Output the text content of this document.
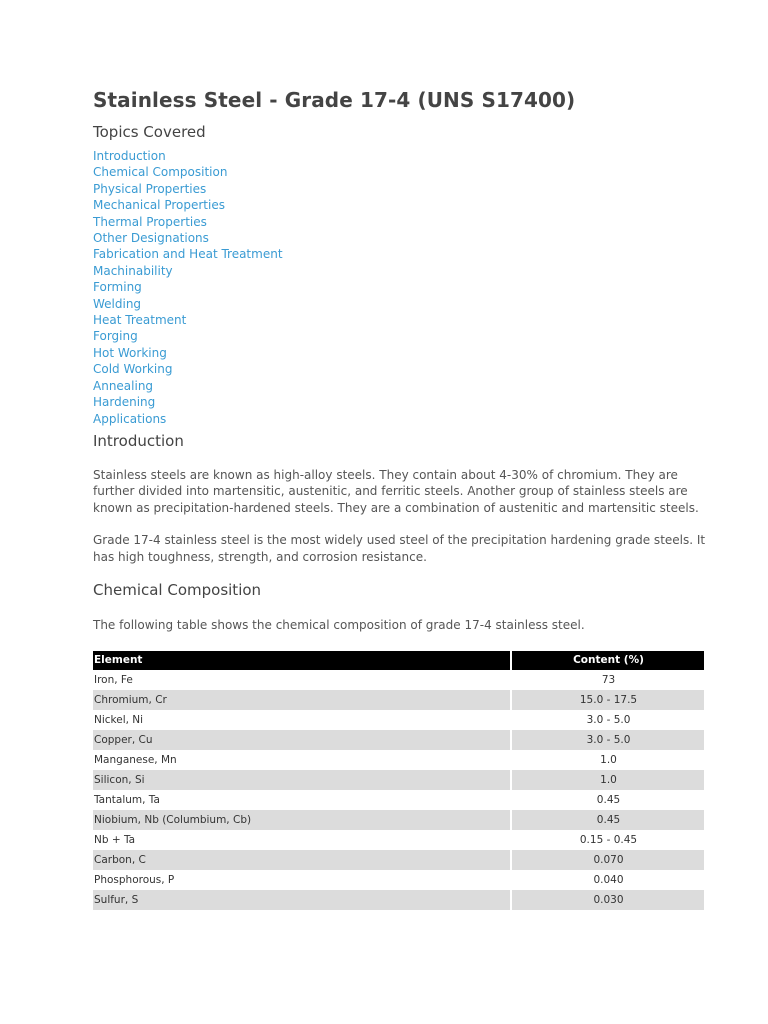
Stainless Steel - Grade 17-4 (UNS S17400)
Topics Covered
Introduction
Chemical Composition
Physical Properties
Mechanical Properties
Thermal Properties
Other Designations
Fabrication and Heat Treatment
Machinability
Forming
Welding
Heat Treatment
Forging
Hot Working
Cold Working
Annealing
Hardening
Applications
Introduction

Stainless steels are known as high-alloy steels. They contain about 4-30% of chromium. They are further divided into martensitic, austenitic, and ferritic steels. Another group of stainless steels are known as precipitation-hardened steels. They are a combination of austenitic and martensitic steels.

Grade 17-4 stainless steel is the most widely used steel of the precipitation hardening grade steels. It has high toughness, strength, and corrosion resistance.

Chemical Composition

The following table shows the chemical composition of grade 17-4 stainless steel.

Element	Content (%)
Iron, Fe	73
Chromium, Cr	15.0 - 17.5
Nickel, Ni	3.0 - 5.0
Copper, Cu	3.0 - 5.0
Manganese, Mn	1.0
Silicon, Si	1.0
Tantalum, Ta	0.45
Niobium, Nb (Columbium, Cb)	0.45
Nb + Ta	0.15 - 0.45
Carbon, C	0.070
Phosphorous, P	0.040
Sulfur, S	0.030
